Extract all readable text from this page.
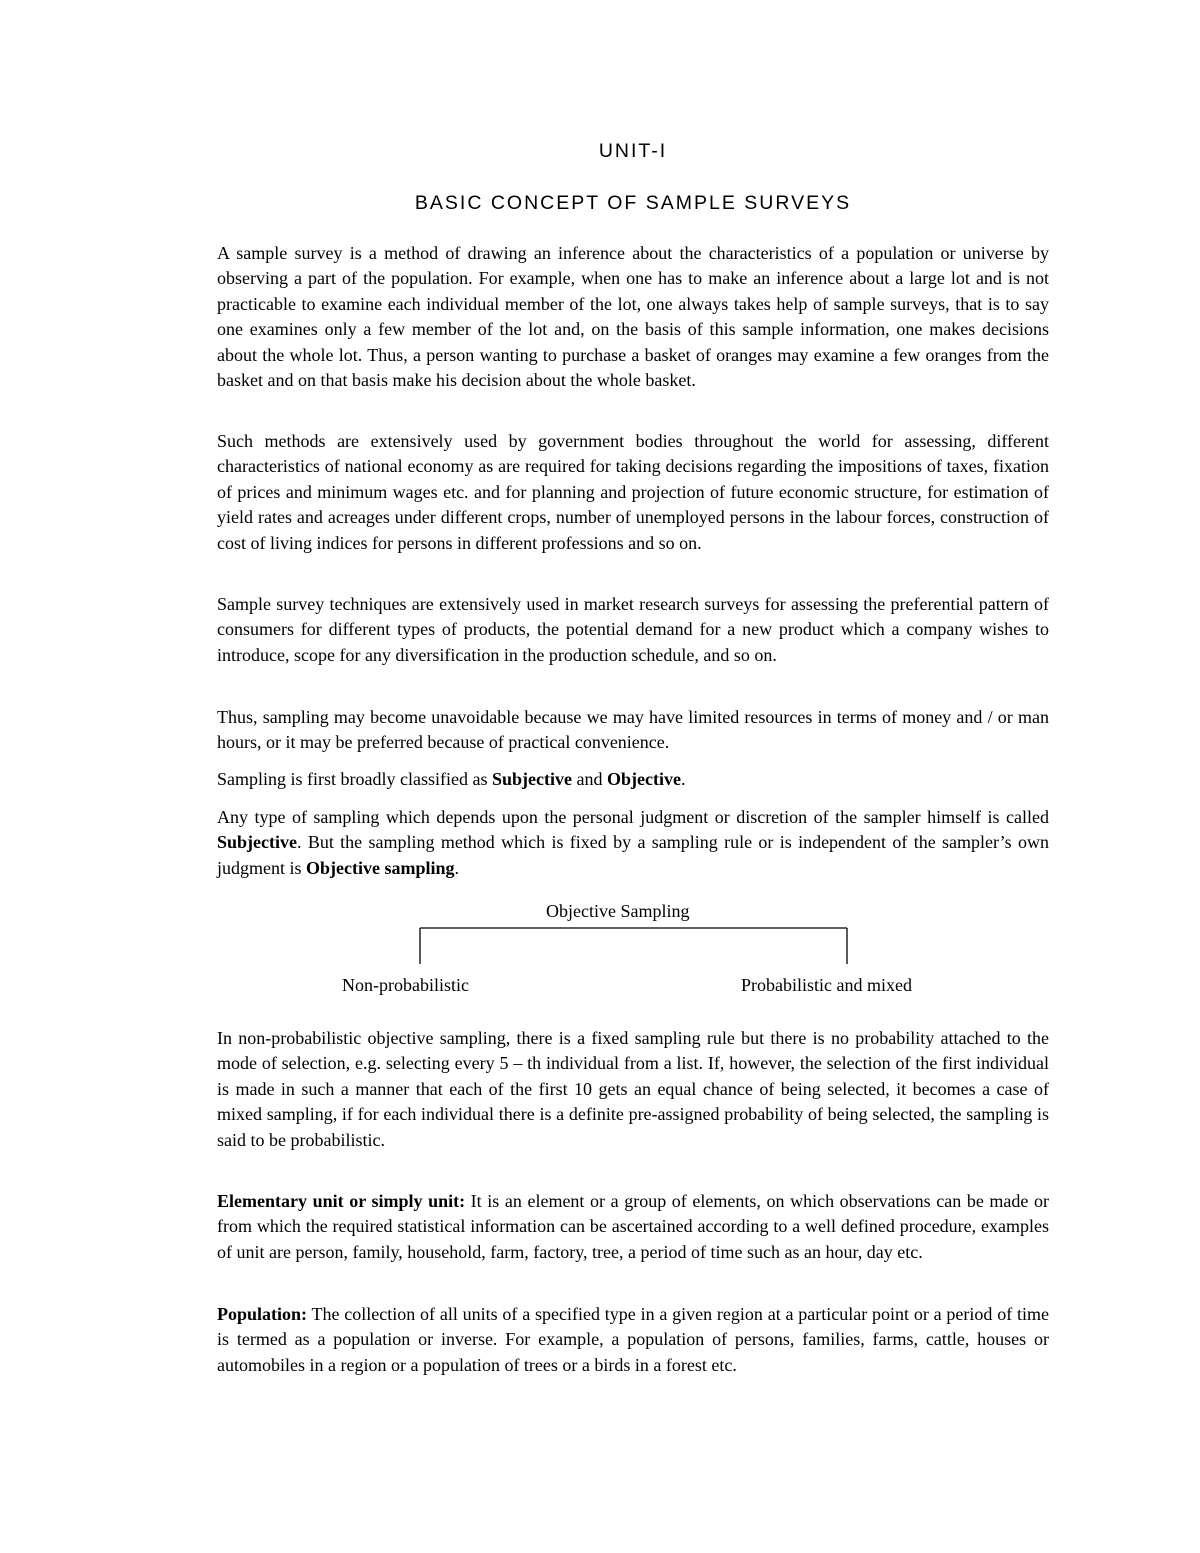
UNIT-I
BASIC CONCEPT OF SAMPLE SURVEYS

A sample survey is a method of drawing an inference about the characteristics of a population or universe by observing a part of the population. For example, when one has to make an inference about a large lot and is not practicable to examine each individual member of the lot, one always takes help of sample surveys, that is to say one examines only a few member of the lot and, on the basis of this sample information, one makes decisions about the whole lot. Thus, a person wanting to purchase a basket of oranges may examine a few oranges from the basket and on that basis make his decision about the whole basket.

Such methods are extensively used by government bodies throughout the world for assessing, different characteristics of national economy as are required for taking decisions regarding the impositions of taxes, fixation of prices and minimum wages etc. and for planning and projection of future economic structure, for estimation of yield rates and acreages under different crops, number of unemployed persons in the labour forces, construction of cost of living indices for persons in different professions and so on.

Sample survey techniques are extensively used in market research surveys for assessing the preferential pattern of consumers for different types of products, the potential demand for a new product which a company wishes to introduce, scope for any diversification in the production schedule, and so on.

Thus, sampling may become unavoidable because we may have limited resources in terms of money and / or man hours, or it may be preferred because of practical convenience.

Sampling is first broadly classified as Subjective and Objective.

Any type of sampling which depends upon the personal judgment or discretion of the sampler himself is called Subjective. But the sampling method which is fixed by a sampling rule or is independent of the sampler’s own judgment is Objective sampling.

Objective Sampling
Non-probabilistic	Probabilistic and mixed

In non-probabilistic objective sampling, there is a fixed sampling rule but there is no probability attached to the mode of selection, e.g. selecting every 5 – th individual from a list. If, however, the selection of the first individual is made in such a manner that each of the first 10 gets an equal chance of being selected, it becomes a case of mixed sampling, if for each individual there is a definite pre-assigned probability of being selected, the sampling is said to be probabilistic.

Elementary unit or simply unit: It is an element or a group of elements, on which observations can be made or from which the required statistical information can be ascertained according to a well defined procedure, examples of unit are person, family, household, farm, factory, tree, a period of time such as an hour, day etc.

Population: The collection of all units of a specified type in a given region at a particular point or a period of time is termed as a population or inverse. For example, a population of persons, families, farms, cattle, houses or automobiles in a region or a population of trees or a birds in a forest etc.
